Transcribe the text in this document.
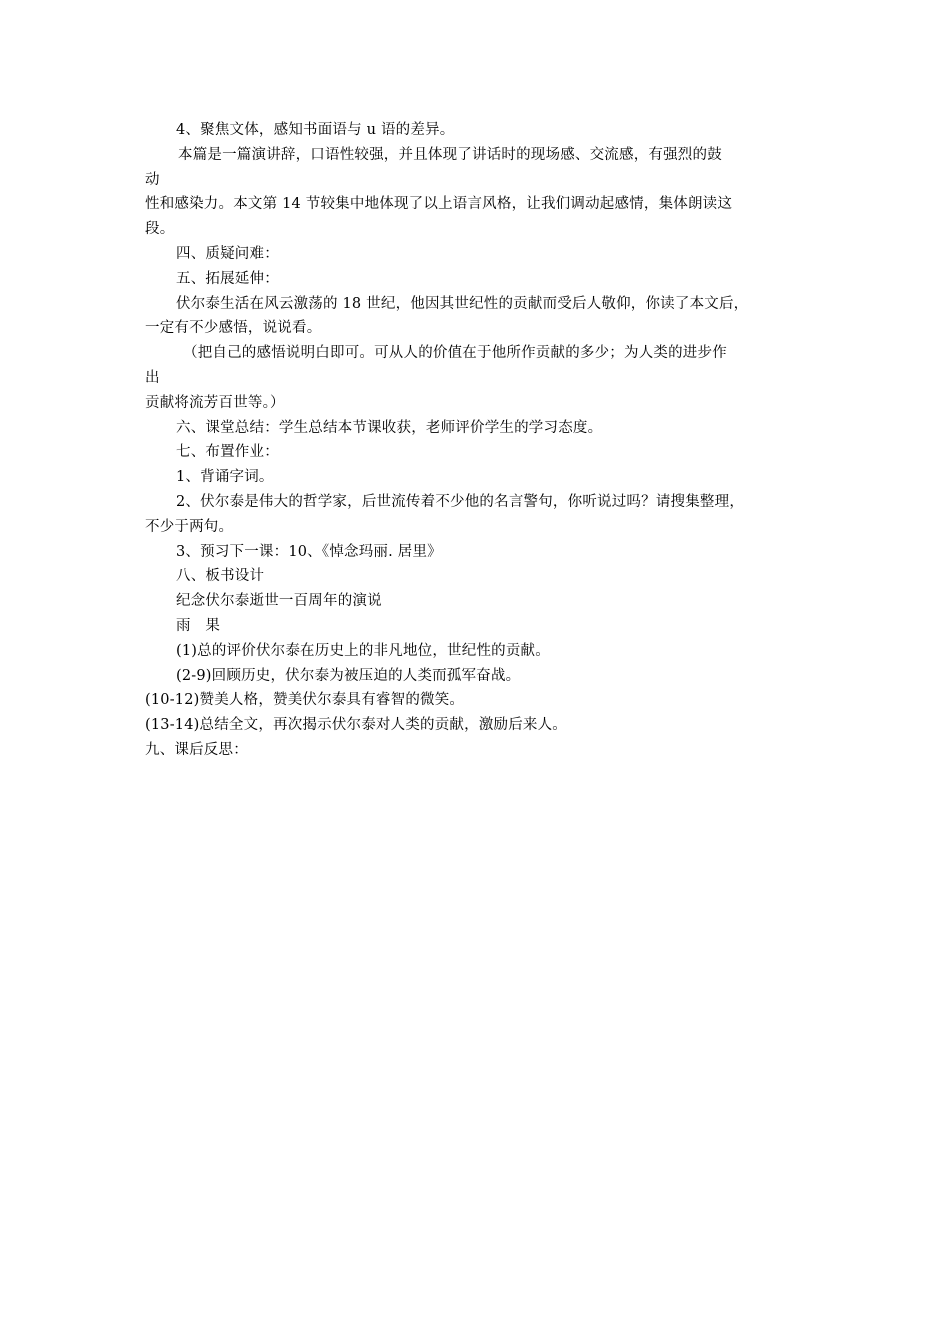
4、聚焦文体，感知书面语与 u 语的差异。
本篇是一篇演讲辞，口语性较强，并且体现了讲话时的现场感、交流感，有强烈的鼓
动
性和感染力。本文第 14 节较集中地体现了以上语言风格，让我们调动起感情，集体朗读这
段。
四、质疑问难：
五、拓展延伸：
伏尔泰生活在风云激荡的 18 世纪，他因其世纪性的贡献而受后人敬仰，你读了本文后，
一定有不少感悟，说说看。
（把自己的感悟说明白即可。可从人的价值在于他所作贡献的多少；为人类的进步作
出
贡献将流芳百世等。）
六、课堂总结：学生总结本节课收获，老师评价学生的学习态度。
七、布置作业：
1、背诵字词。
2、伏尔泰是伟大的哲学家，后世流传着不少他的名言警句，你听说过吗？请搜集整理，
不少于两句。
3、预习下一课：10、《悼念玛丽. 居里》
八、板书设计
纪念伏尔泰逝世一百周年的演说
雨　果
(1)总的评价伏尔泰在历史上的非凡地位，世纪性的贡献。
(2-9)回顾历史，伏尔泰为被压迫的人类而孤军奋战。
(10-12)赞美人格，赞美伏尔泰具有睿智的微笑。
(13-14)总结全文，再次揭示伏尔泰对人类的贡献，激励后来人。
九、课后反思：
